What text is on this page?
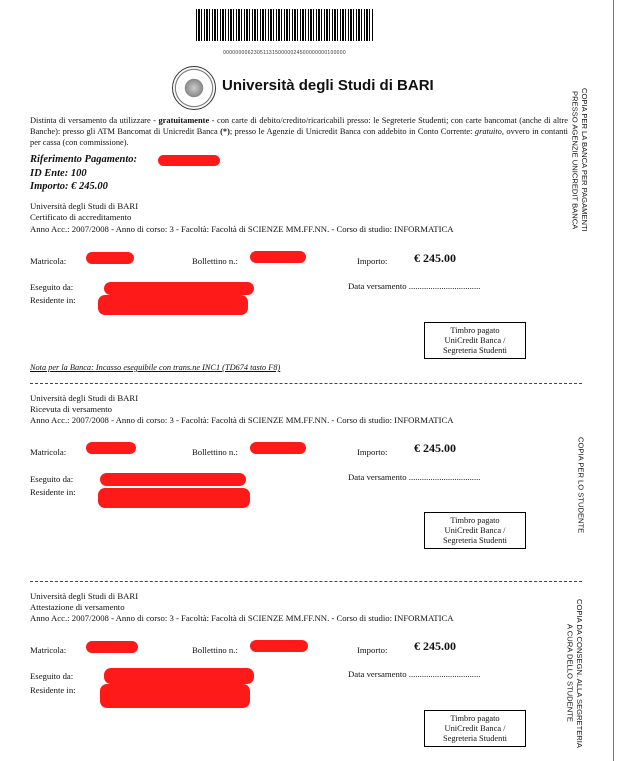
0000000062305113150000024500000000100000
Università degli Studi di BARI
Distinta di versamento da utilizzare - gratuitamente - con carte di debito/credito/ricaricabili presso: le Segreterie Studenti; con carte bancomat (anche di altre Banche): presso gli ATM Bancomat di Unicredit Banca (*); presso le Agenzie di Unicredit Banca con addebito in Conto Corrente: gratuito, ovvero in contanti per cassa (con commissione).
Riferimento Pagamento:
ID Ente: 100
Importo: € 245.00
Università degli Studi di BARI
Certificato di accreditamento
Anno Acc.: 2007/2008 - Anno di corso: 3 - Facoltà: Facoltà di SCIENZE MM.FF.NN. - Corso di studio: INFORMATICA
Matricola:	Bollettino n.:	Importo: € 245.00
Eseguito da:
Residente in:
Data versamento .................................
Timbro pagato
UniCredit Banca /
Segreteria Studenti
Nota per la Banca: Incasso eseguibile con trans.ne INC1 (TD674 tasto F8)
COPIA PER LA BANCA PER PAGAMENTI
PRESSO AGENZIE UNICREDIT BANCA
Università degli Studi di BARI
Ricevuta di versamento
Anno Acc.: 2007/2008 - Anno di corso: 3 - Facoltà: Facoltà di SCIENZE MM.FF.NN. - Corso di studio: INFORMATICA
Matricola:	Bollettino n.:	Importo: € 245.00
Eseguito da:
Residente in:
Data versamento .................................
Timbro pagato
UniCredit Banca /
Segreteria Studenti
COPIA PER LO STUDENTE
Università degli Studi di BARI
Attestazione di versamento
Anno Acc.: 2007/2008 - Anno di corso: 3 - Facoltà: Facoltà di SCIENZE MM.FF.NN. - Corso di studio: INFORMATICA
Matricola:	Bollettino n.:	Importo: € 245.00
Eseguito da:
Residente in:
Data versamento .................................
Timbro pagato
UniCredit Banca /
Segreteria Studenti	COPIA DA CONSEGN. ALLA SEGRETERIA
A CURA DELLO STUDENTE
